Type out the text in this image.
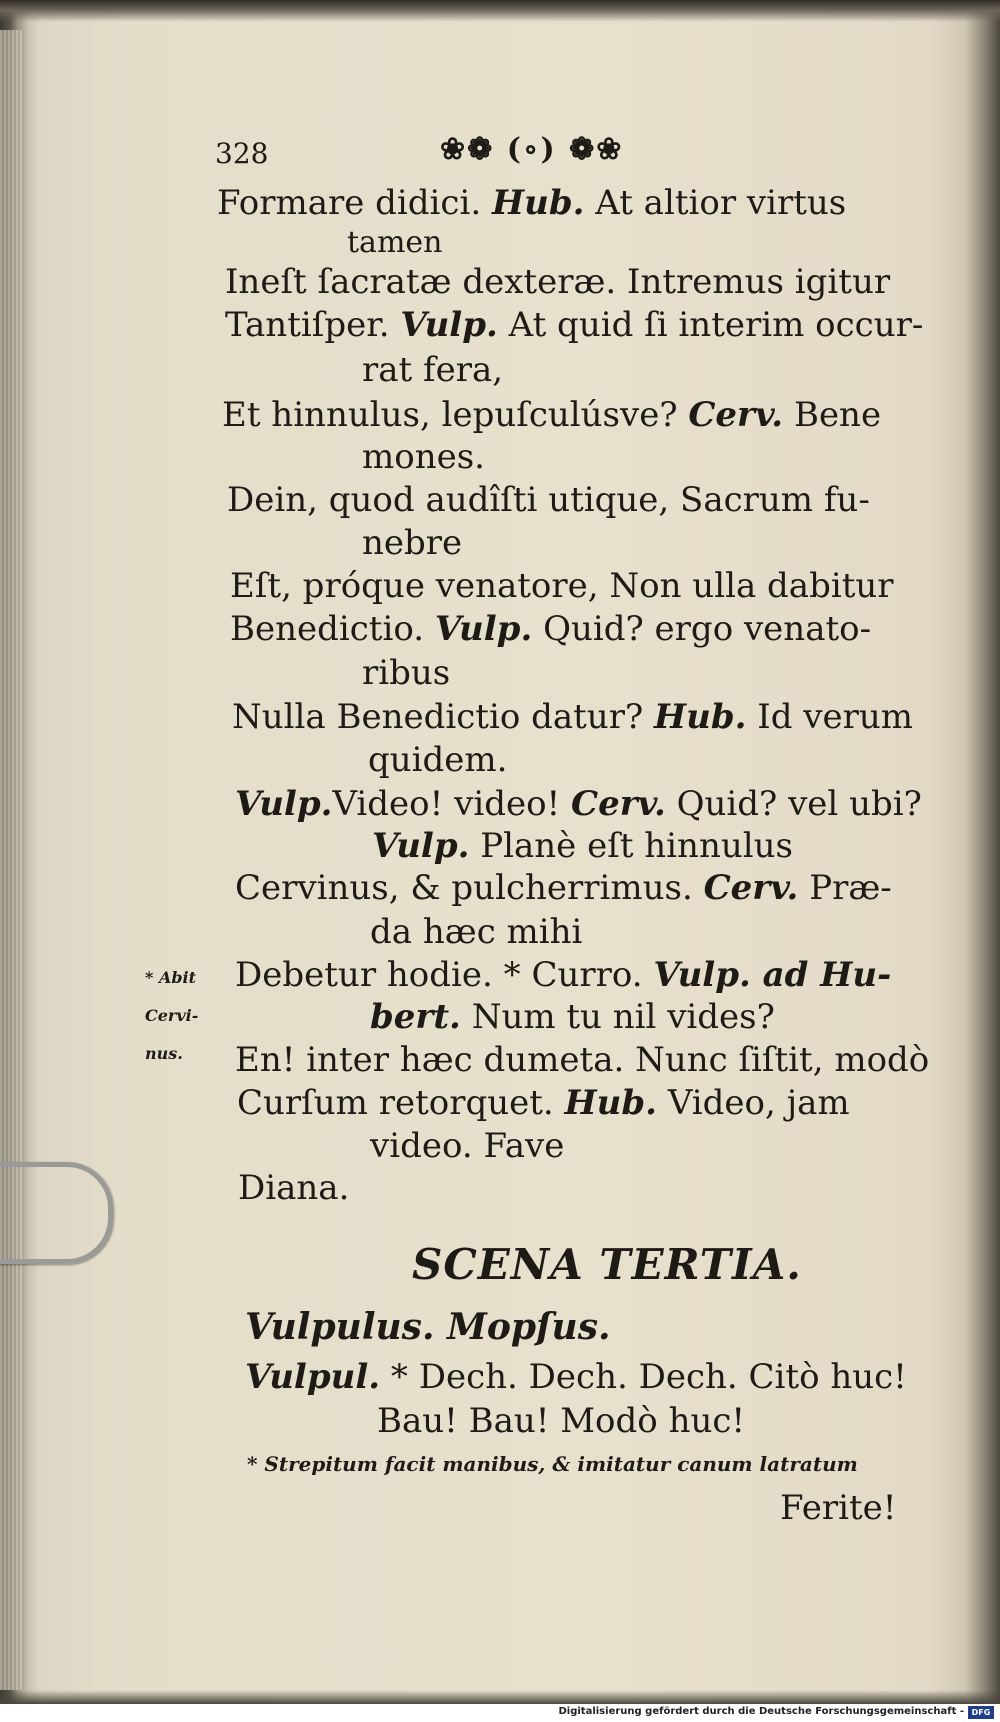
328	❀❁ (∘) ❁❀
Formare didici. Hub. At altior virtus
tamen
Ineſt ſacratæ dexteræ. Intremus igitur
Tantiſper. Vulp. At quid ſi interim occur-
rat fera,
Et hinnulus, lepuſculúsve? Cerv. Bene
mones.
Dein, quod audîſti utique, Sacrum fu-
nebre
Eſt, próque venatore, Non ulla dabitur
Benedictio. Vulp. Quid? ergo venato-
ribus
Nulla Benedictio datur? Hub. Id verum
quidem.
Vulp.Video! video! Cerv. Quid? vel ubi?
Vulp. Planè eſt hinnulus
Cervinus, & pulcherrimus. Cerv. Præ-
da hæc mihi
Debetur hodie. * Curro. Vulp. ad Hu-
bert. Num tu nil vides?
En! inter hæc dumeta. Nunc ſiſtit, modò
Curſum retorquet. Hub. Video, jam
video. Fave
Diana.
* Abit
Cervi-
nus.
SCENA TERTIA.
Vulpulus. Mopſus.
Vulpul. * Dech. Dech. Dech. Citò huc!
Bau! Bau! Modò huc!
* Strepitum facit manibus, & imitatur canum latratum
Ferite!
Digitalisierung gefördert durch die Deutsche Forschungsgemeinschaft - DFG
